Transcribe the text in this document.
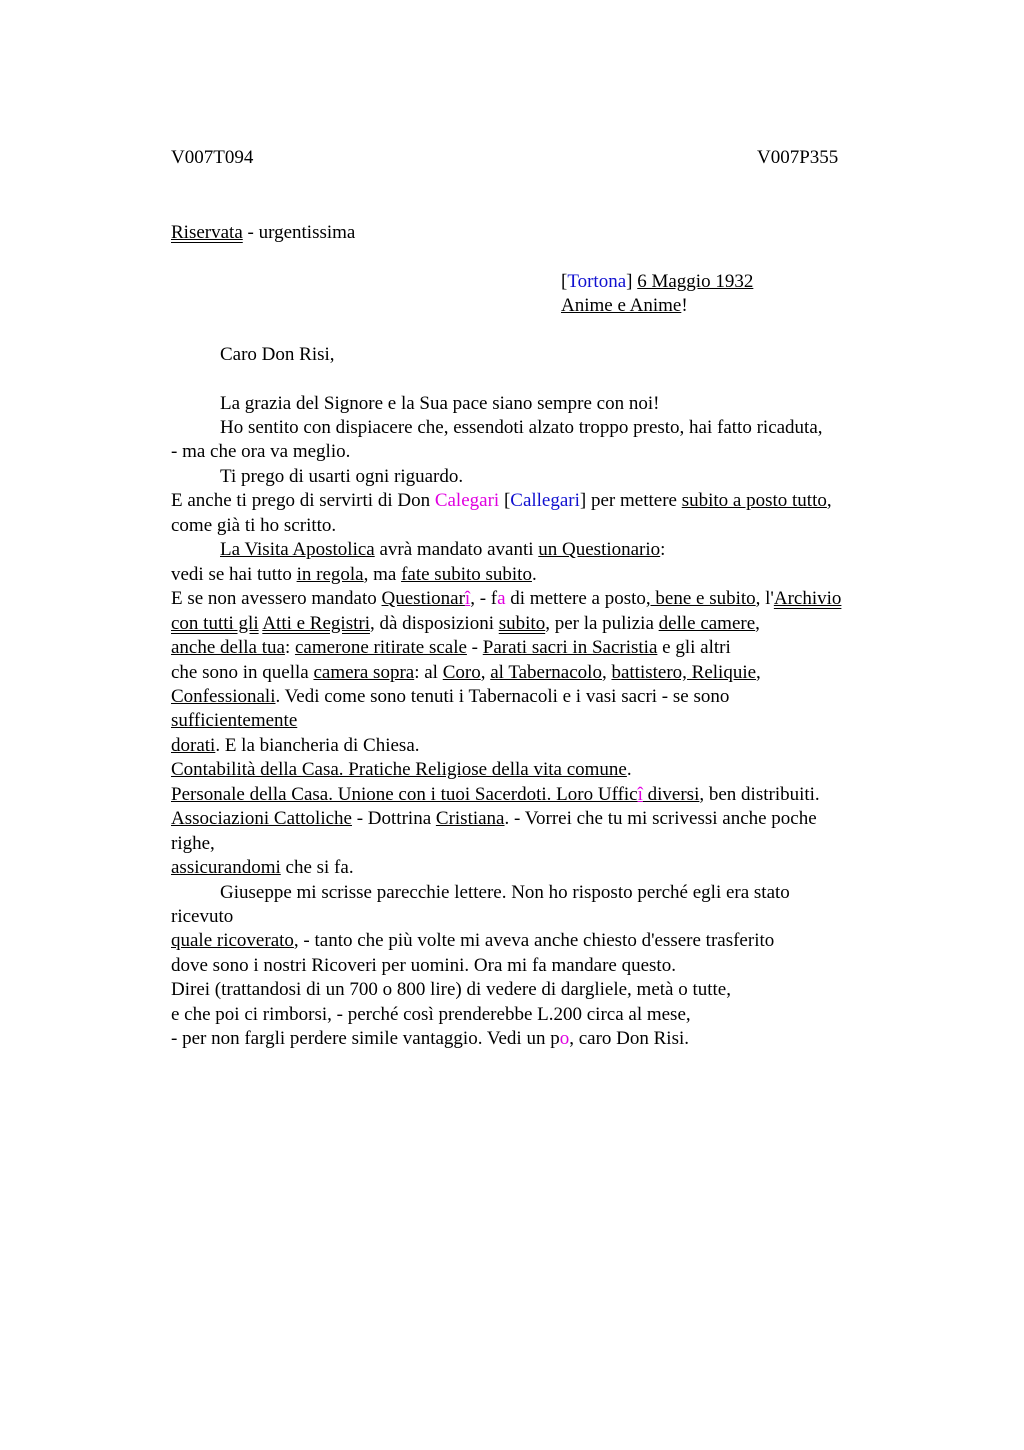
V007T094	V007P355
Riservata - urgentissima
[Tortona] 6 Maggio 1932
Anime e Anime!
Caro Don Risi,
La grazia del Signore e la Sua pace siano sempre con noi!
Ho sentito con dispiacere che, essendoti alzato troppo presto, hai fatto ricaduta,
- ma che ora va meglio.
Ti prego di usarti ogni riguardo.
E anche ti prego di servirti di Don Calegari [Callegari] per mettere subito a posto tutto,
come già ti ho scritto.
La Visita Apostolica avrà mandato avanti un Questionario:
vedi se hai tutto in regola, ma fate subito subito.
E se non avessero mandato Questionarî, - fa di mettere a posto, bene e subito, l'Archivio
con tutti gli Atti e Registri, dà disposizioni subito, per la pulizia delle camere,
anche della tua: camerone ritirate scale - Parati sacri in Sacristia e gli altri
che sono in quella camera sopra: al Coro, al Tabernacolo, battistero, Reliquie,
Confessionali. Vedi come sono tenuti i Tabernacoli e i vasi sacri - se sono
sufficientemente
dorati. E la biancheria di Chiesa.
Contabilità della Casa. Pratiche Religiose della vita comune.
Personale della Casa. Unione con i tuoi Sacerdoti. Loro Ufficî diversi, ben distribuiti.
Associazioni Cattoliche - Dottrina Cristiana. - Vorrei che tu mi scrivessi anche poche
righe,
assicurandomi che si fa.
Giuseppe mi scrisse parecchie lettere. Non ho risposto perché egli era stato
ricevuto
quale ricoverato, - tanto che più volte mi aveva anche chiesto d'essere trasferito
dove sono i nostri Ricoveri per uomini. Ora mi fa mandare questo.
Direi (trattandosi di un 700 o 800 lire) di vedere di dargliele, metà o tutte,
e che poi ci rimborsi, - perché così prenderebbe L.200 circa al mese,
- per non fargli perdere simile vantaggio. Vedi un po, caro Don Risi.
